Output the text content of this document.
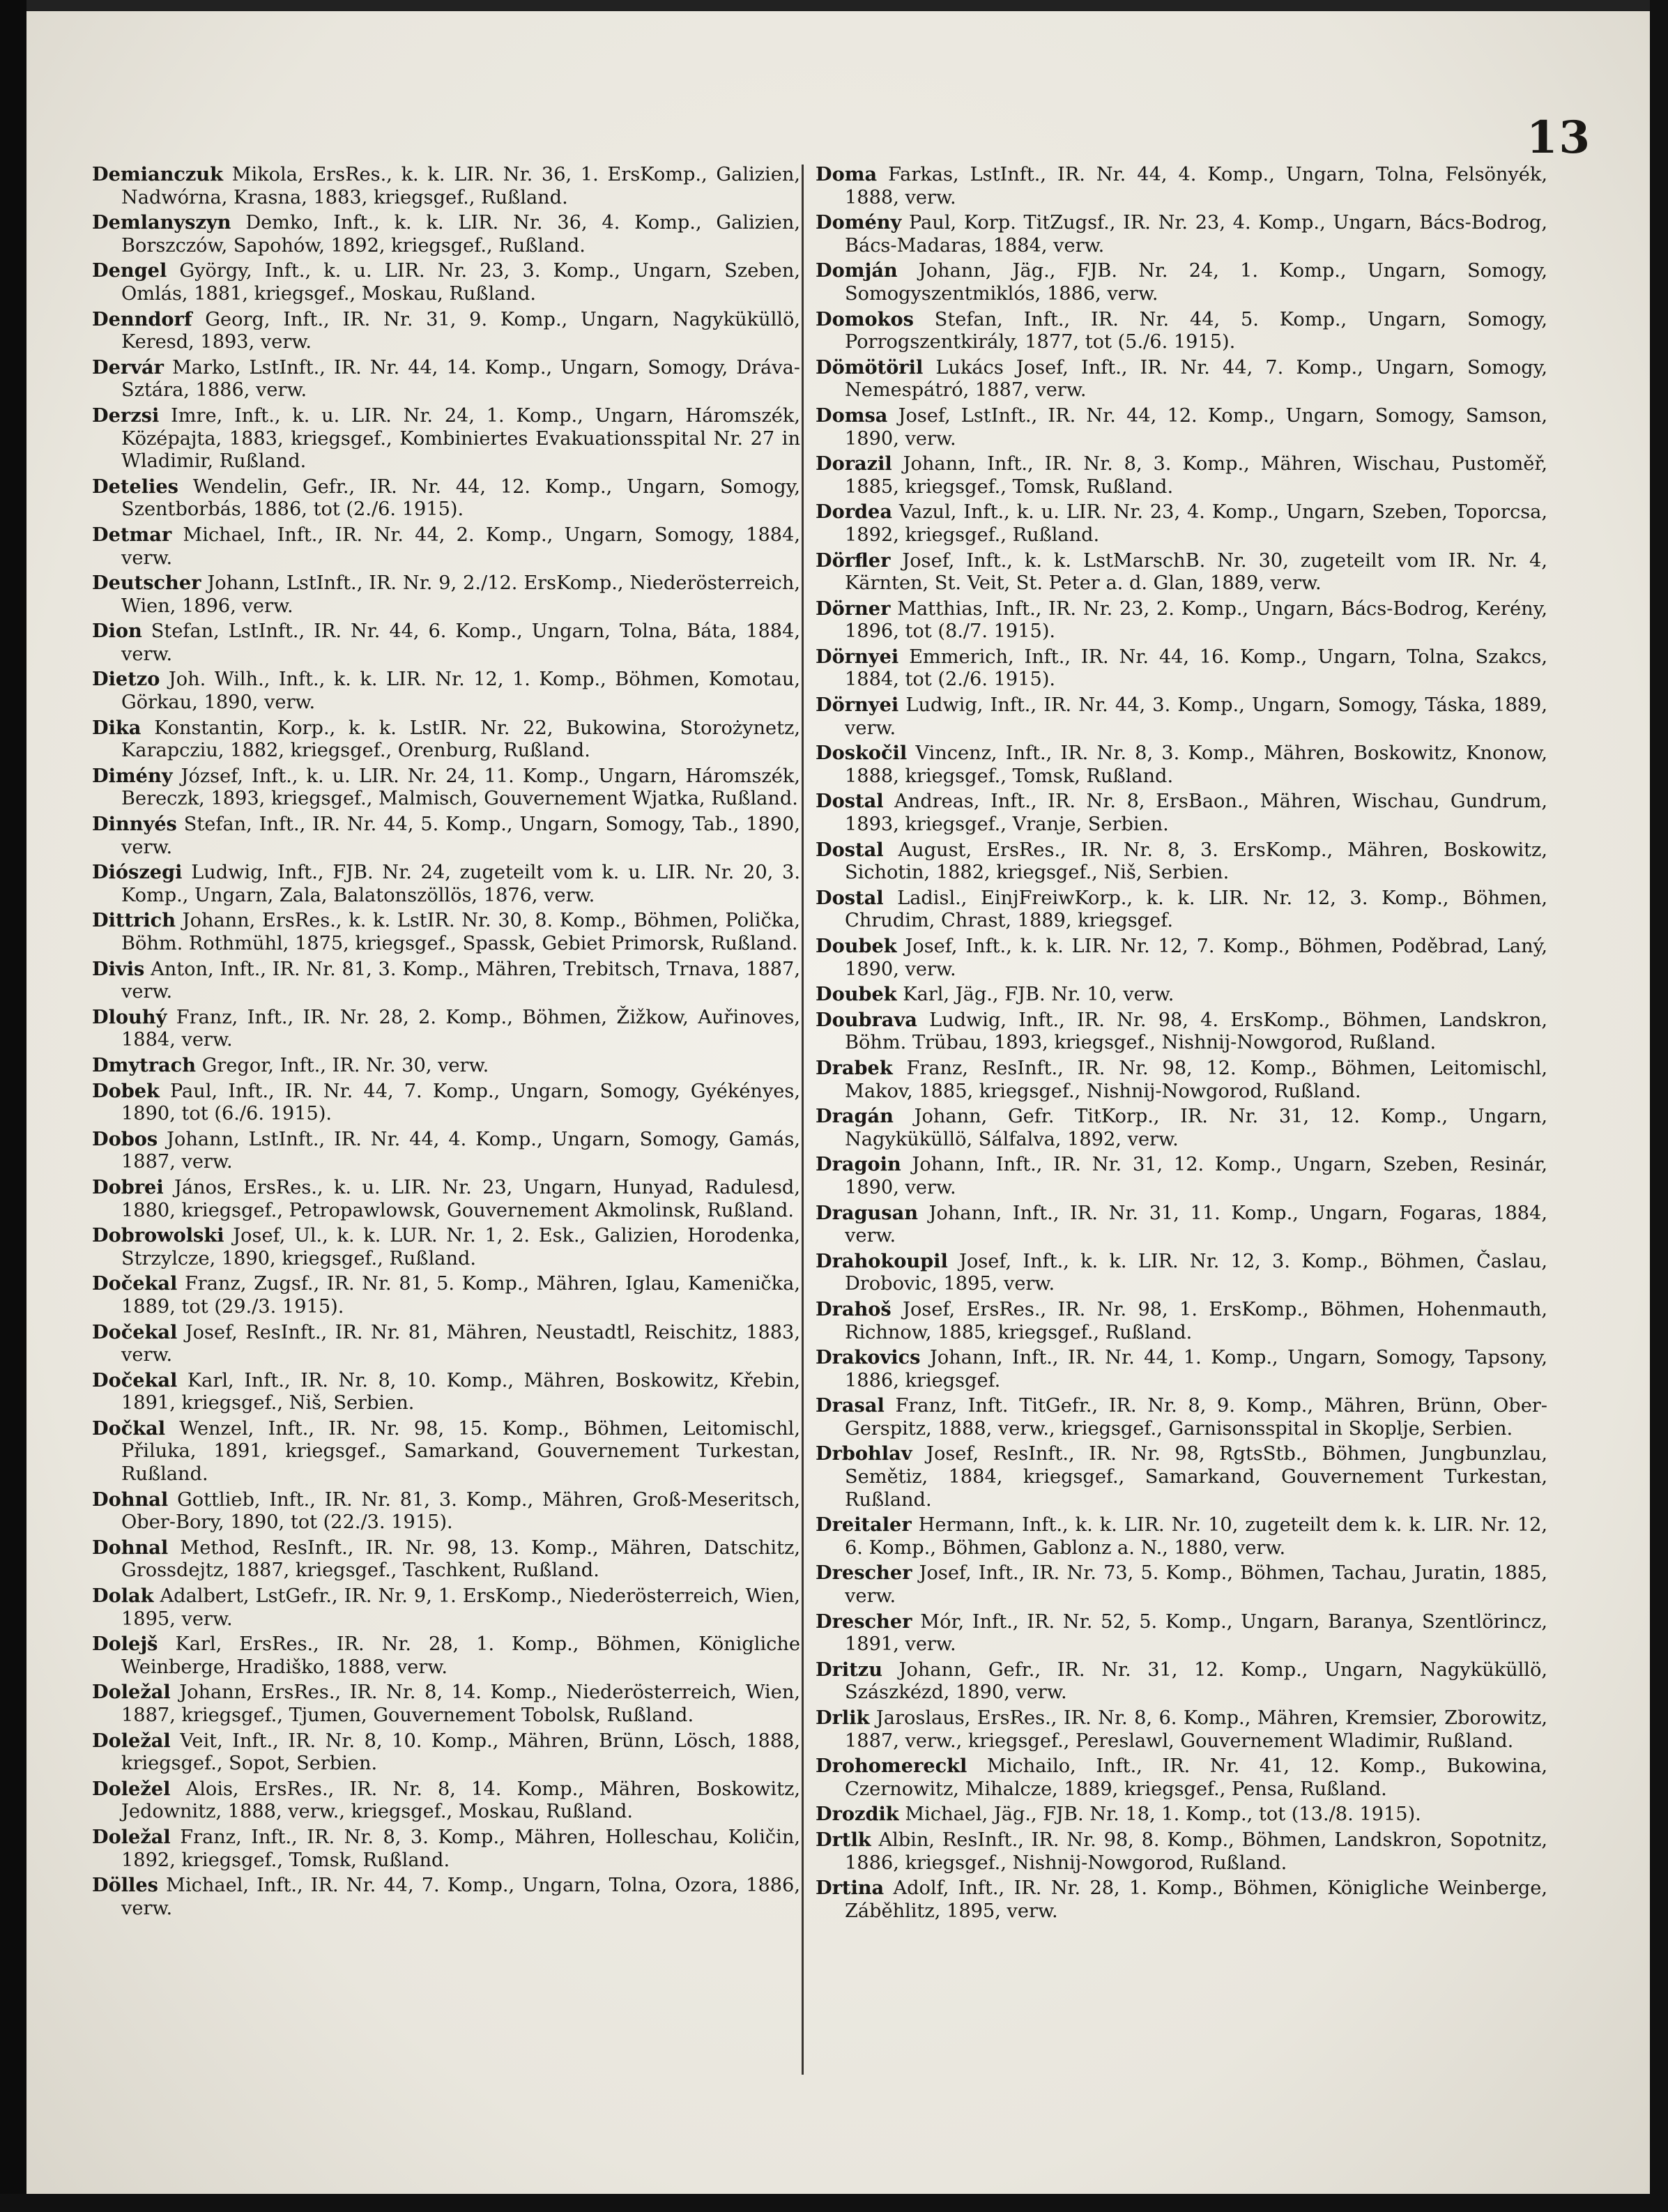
13
Demianczuk Mikola, ErsRes., k. k. LIR. Nr. 36, 1. ErsKomp., Galizien, Nadwórna, Krasna, 1883, kriegsgef., Rußland.
Demlanyszyn Demko, Inft., k. k. LIR. Nr. 36, 4. Komp., Galizien, Borszczów, Sapohów, 1892, kriegsgef., Rußland.
Dengel György, Inft., k. u. LIR. Nr. 23, 3. Komp., Ungarn, Szeben, Omlás, 1881, kriegsgef., Moskau, Rußland.
Denndorf Georg, Inft., IR. Nr. 31, 9. Komp., Ungarn, Nagyküküllö, Keresd, 1893, verw.
Dervár Marko, LstInft., IR. Nr. 44, 14. Komp., Ungarn, Somogy, Dráva-Sztára, 1886, verw.
Derzsi Imre, Inft., k. u. LIR. Nr. 24, 1. Komp., Ungarn, Háromszék, Középajta, 1883, kriegsgef., Kombiniertes Evakuationsspital Nr. 27 in Wladimir, Rußland.
Detelies Wendelin, Gefr., IR. Nr. 44, 12. Komp., Ungarn, Somogy, Szentborbás, 1886, tot (2./6. 1915).
Detmar Michael, Inft., IR. Nr. 44, 2. Komp., Ungarn, Somogy, 1884, verw.
Deutscher Johann, LstInft., IR. Nr. 9, 2./12. ErsKomp., Niederösterreich, Wien, 1896, verw.
Dion Stefan, LstInft., IR. Nr. 44, 6. Komp., Ungarn, Tolna, Báta, 1884, verw.
Dietzo Joh. Wilh., Inft., k. k. LIR. Nr. 12, 1. Komp., Böhmen, Komotau, Görkau, 1890, verw.
Dika Konstantin, Korp., k. k. LstIR. Nr. 22, Bukowina, Storożynetz, Karapcziu, 1882, kriegsgef., Orenburg, Rußland.
Dimény József, Inft., k. u. LIR. Nr. 24, 11. Komp., Ungarn, Háromszék, Bereczk, 1893, kriegsgef., Malmisch, Gouvernement Wjatka, Rußland.
Dinnyés Stefan, Inft., IR. Nr. 44, 5. Komp., Ungarn, Somogy, Tab., 1890, verw.
Diószegi Ludwig, Inft., FJB. Nr. 24, zugeteilt vom k. u. LIR. Nr. 20, 3. Komp., Ungarn, Zala, Balatonszöllös, 1876, verw.
Dittrich Johann, ErsRes., k. k. LstIR. Nr. 30, 8. Komp., Böhmen, Polička, Böhm. Rothmühl, 1875, kriegsgef., Spassk, Gebiet Primorsk, Rußland.
Divis Anton, Inft., IR. Nr. 81, 3. Komp., Mähren, Trebitsch, Trnava, 1887, verw.
Dlouhý Franz, Inft., IR. Nr. 28, 2. Komp., Böhmen, Žižkow, Auřinoves, 1884, verw.
Dmytrach Gregor, Inft., IR. Nr. 30, verw.
Dobek Paul, Inft., IR. Nr. 44, 7. Komp., Ungarn, Somogy, Gyékényes, 1890, tot (6./6. 1915).
Dobos Johann, LstInft., IR. Nr. 44, 4. Komp., Ungarn, Somogy, Gamás, 1887, verw.
Dobrei János, ErsRes., k. u. LIR. Nr. 23, Ungarn, Hunyad, Radulesd, 1880, kriegsgef., Petropawlowsk, Gouvernement Akmolinsk, Rußland.
Dobrowolski Josef, Ul., k. k. LUR. Nr. 1, 2. Esk., Galizien, Horodenka, Strzylcze, 1890, kriegsgef., Rußland.
Dočekal Franz, Zugsf., IR. Nr. 81, 5. Komp., Mähren, Iglau, Kamenička, 1889, tot (29./3. 1915).
Dočekal Josef, ResInft., IR. Nr. 81, Mähren, Neustadtl, Reischitz, 1883, verw.
Dočekal Karl, Inft., IR. Nr. 8, 10. Komp., Mähren, Boskowitz, Křebin, 1891, kriegsgef., Niš, Serbien.
Dočkal Wenzel, Inft., IR. Nr. 98, 15. Komp., Böhmen, Leitomischl, Přiluka, 1891, kriegsgef., Samarkand, Gouvernement Turkestan, Rußland.
Dohnal Gottlieb, Inft., IR. Nr. 81, 3. Komp., Mähren, Groß-Meseritsch, Ober-Bory, 1890, tot (22./3. 1915).
Dohnal Method, ResInft., IR. Nr. 98, 13. Komp., Mähren, Datschitz, Grossdejtz, 1887, kriegsgef., Taschkent, Rußland.
Dolak Adalbert, LstGefr., IR. Nr. 9, 1. ErsKomp., Niederösterreich, Wien, 1895, verw.
Dolejš Karl, ErsRes., IR. Nr. 28, 1. Komp., Böhmen, Königliche Weinberge, Hradiško, 1888, verw.
Doležal Johann, ErsRes., IR. Nr. 8, 14. Komp., Niederösterreich, Wien, 1887, kriegsgef., Tjumen, Gouvernement Tobolsk, Rußland.
Doležal Veit, Inft., IR. Nr. 8, 10. Komp., Mähren, Brünn, Lösch, 1888, kriegsgef., Sopot, Serbien.
Doležel Alois, ErsRes., IR. Nr. 8, 14. Komp., Mähren, Boskowitz, Jedownitz, 1888, verw., kriegsgef., Moskau, Rußland.
Doležal Franz, Inft., IR. Nr. 8, 3. Komp., Mähren, Holleschau, Količin, 1892, kriegsgef., Tomsk, Rußland.
Dölles Michael, Inft., IR. Nr. 44, 7. Komp., Ungarn, Tolna, Ozora, 1886, verw.
Doma Farkas, LstInft., IR. Nr. 44, 4. Komp., Ungarn, Tolna, Felsönyék, 1888, verw.
Domény Paul, Korp. TitZugsf., IR. Nr. 23, 4. Komp., Ungarn, Bács-Bodrog, Bács-Madaras, 1884, verw.
Domján Johann, Jäg., FJB. Nr. 24, 1. Komp., Ungarn, Somogy, Somogyszentmiklós, 1886, verw.
Domokos Stefan, Inft., IR. Nr. 44, 5. Komp., Ungarn, Somogy, Porrogszentkirály, 1877, tot (5./6. 1915).
Dömötöril Lukács Josef, Inft., IR. Nr. 44, 7. Komp., Ungarn, Somogy, Nemespátró, 1887, verw.
Domsa Josef, LstInft., IR. Nr. 44, 12. Komp., Ungarn, Somogy, Samson, 1890, verw.
Dorazil Johann, Inft., IR. Nr. 8, 3. Komp., Mähren, Wischau, Pustoměř, 1885, kriegsgef., Tomsk, Rußland.
Dordea Vazul, Inft., k. u. LIR. Nr. 23, 4. Komp., Ungarn, Szeben, Toporcsa, 1892, kriegsgef., Rußland.
Dörfler Josef, Inft., k. k. LstMarschB. Nr. 30, zugeteilt vom IR. Nr. 4, Kärnten, St. Veit, St. Peter a. d. Glan, 1889, verw.
Dörner Matthias, Inft., IR. Nr. 23, 2. Komp., Ungarn, Bács-Bodrog, Kerény, 1896, tot (8./7. 1915).
Dörnyei Emmerich, Inft., IR. Nr. 44, 16. Komp., Ungarn, Tolna, Szakcs, 1884, tot (2./6. 1915).
Dörnyei Ludwig, Inft., IR. Nr. 44, 3. Komp., Ungarn, Somogy, Táska, 1889, verw.
Doskočil Vincenz, Inft., IR. Nr. 8, 3. Komp., Mähren, Boskowitz, Knonow, 1888, kriegsgef., Tomsk, Rußland.
Dostal Andreas, Inft., IR. Nr. 8, ErsBaon., Mähren, Wischau, Gundrum, 1893, kriegsgef., Vranje, Serbien.
Dostal August, ErsRes., IR. Nr. 8, 3. ErsKomp., Mähren, Boskowitz, Sichotin, 1882, kriegsgef., Niš, Serbien.
Dostal Ladisl., EinjFreiwKorp., k. k. LIR. Nr. 12, 3. Komp., Böhmen, Chrudim, Chrast, 1889, kriegsgef.
Doubek Josef, Inft., k. k. LIR. Nr. 12, 7. Komp., Böhmen, Poděbrad, Laný, 1890, verw.
Doubek Karl, Jäg., FJB. Nr. 10, verw.
Doubrava Ludwig, Inft., IR. Nr. 98, 4. ErsKomp., Böhmen, Landskron, Böhm. Trübau, 1893, kriegsgef., Nishnij-Nowgorod, Rußland.
Drabek Franz, ResInft., IR. Nr. 98, 12. Komp., Böhmen, Leitomischl, Makov, 1885, kriegsgef., Nishnij-Nowgorod, Rußland.
Dragán Johann, Gefr. TitKorp., IR. Nr. 31, 12. Komp., Ungarn, Nagyküküllö, Sálfalva, 1892, verw.
Dragoin Johann, Inft., IR. Nr. 31, 12. Komp., Ungarn, Szeben, Resinár, 1890, verw.
Dragusan Johann, Inft., IR. Nr. 31, 11. Komp., Ungarn, Fogaras, 1884, verw.
Drahokoupil Josef, Inft., k. k. LIR. Nr. 12, 3. Komp., Böhmen, Časlau, Drobovic, 1895, verw.
Drahoš Josef, ErsRes., IR. Nr. 98, 1. ErsKomp., Böhmen, Hohenmauth, Richnow, 1885, kriegsgef., Rußland.
Drakovics Johann, Inft., IR. Nr. 44, 1. Komp., Ungarn, Somogy, Tapsony, 1886, kriegsgef.
Drasal Franz, Inft. TitGefr., IR. Nr. 8, 9. Komp., Mähren, Brünn, Ober-Gerspitz, 1888, verw., kriegsgef., Garnisonsspital in Skoplje, Serbien.
Drbohlav Josef, ResInft., IR. Nr. 98, RgtsStb., Böhmen, Jungbunzlau, Semětiz, 1884, kriegsgef., Samarkand, Gouvernement Turkestan, Rußland.
Dreitaler Hermann, Inft., k. k. LIR. Nr. 10, zugeteilt dem k. k. LIR. Nr. 12, 6. Komp., Böhmen, Gablonz a. N., 1880, verw.
Drescher Josef, Inft., IR. Nr. 73, 5. Komp., Böhmen, Tachau, Juratin, 1885, verw.
Drescher Mór, Inft., IR. Nr. 52, 5. Komp., Ungarn, Baranya, Szentlörincz, 1891, verw.
Dritzu Johann, Gefr., IR. Nr. 31, 12. Komp., Ungarn, Nagyküküllö, Szászkézd, 1890, verw.
Drlik Jaroslaus, ErsRes., IR. Nr. 8, 6. Komp., Mähren, Kremsier, Zborowitz, 1887, verw., kriegsgef., Pereslawl, Gouvernement Wladimir, Rußland.
Drohomereckl Michailo, Inft., IR. Nr. 41, 12. Komp., Bukowina, Czernowitz, Mihalcze, 1889, kriegsgef., Pensa, Rußland.
Drozdik Michael, Jäg., FJB. Nr. 18, 1. Komp., tot (13./8. 1915).
Drtlk Albin, ResInft., IR. Nr. 98, 8. Komp., Böhmen, Landskron, Sopotnitz, 1886, kriegsgef., Nishnij-Nowgorod, Rußland.
Drtina Adolf, Inft., IR. Nr. 28, 1. Komp., Böhmen, Königliche Weinberge, Záběhlitz, 1895, verw.
